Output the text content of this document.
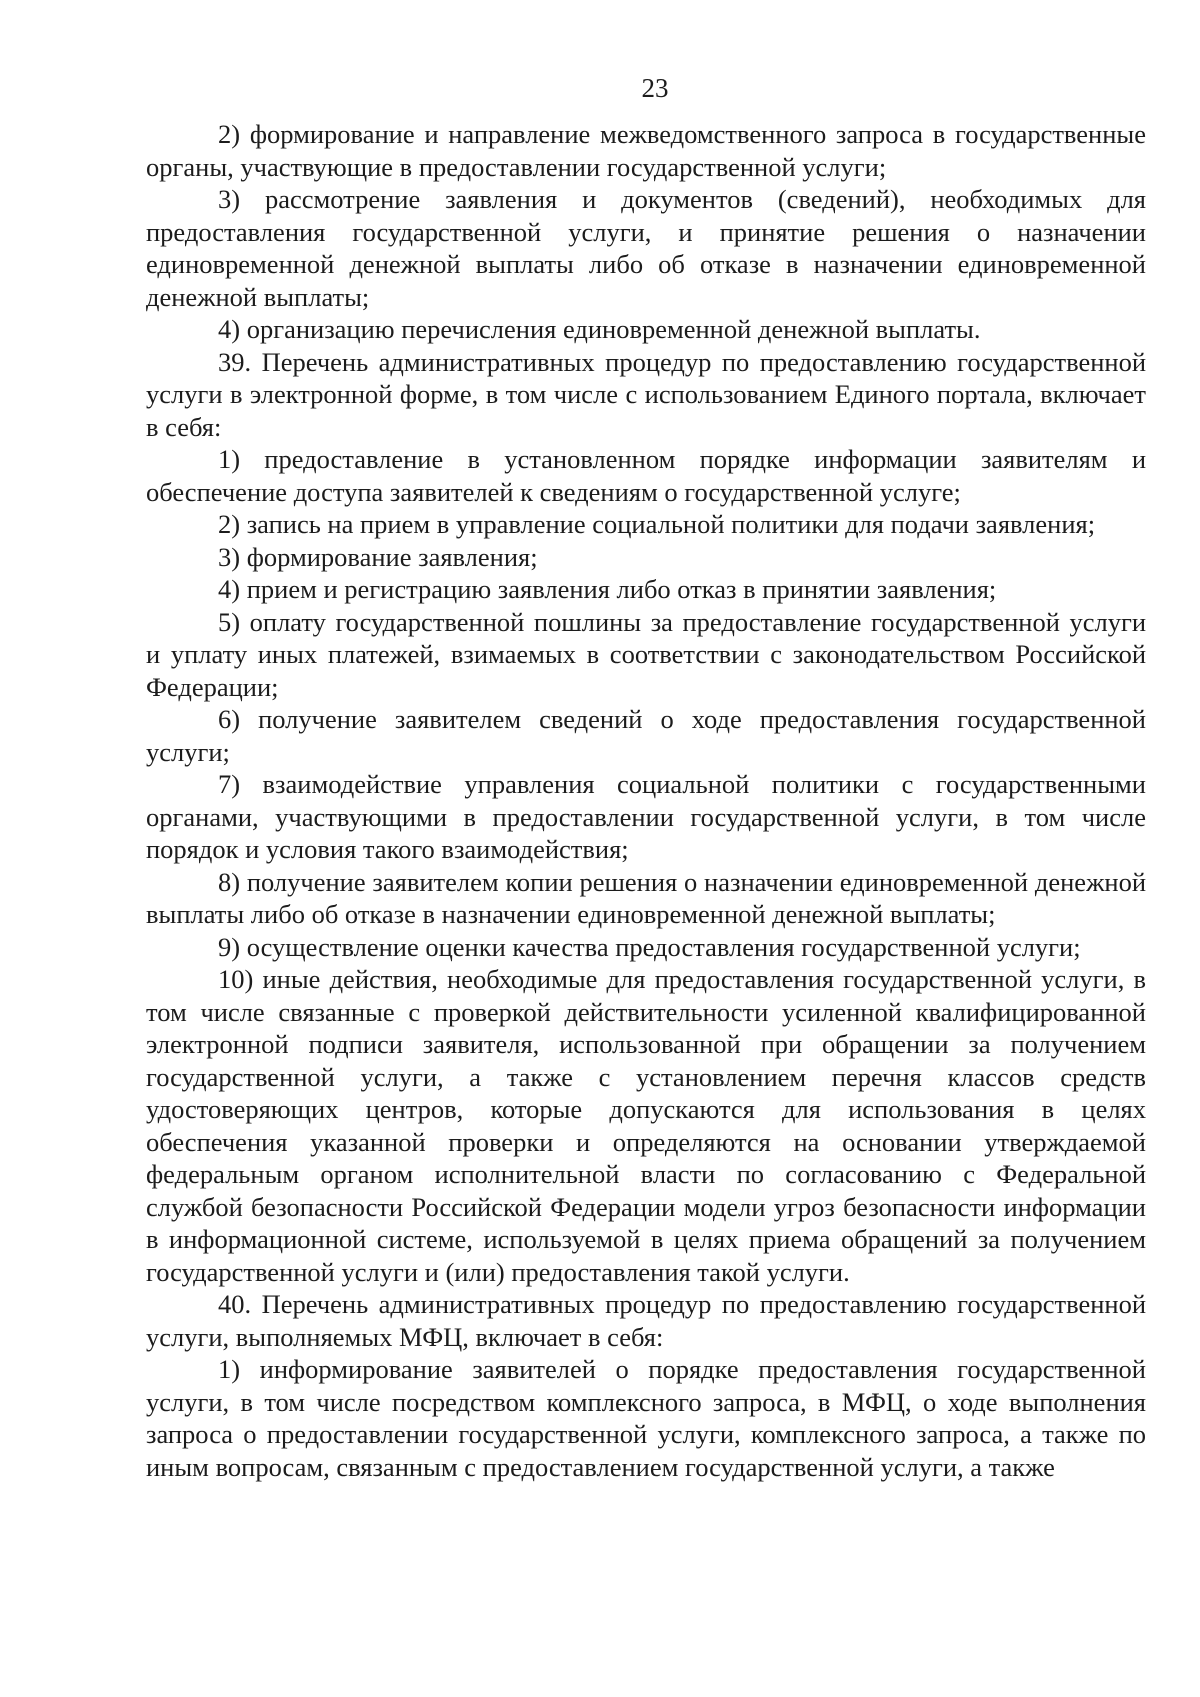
23

2) формирование и направление межведомственного запроса в государственные органы, участвующие в предоставлении государственной услуги;

3) рассмотрение заявления и документов (сведений), необходимых для предоставления государственной услуги, и принятие решения о назначении единовременной денежной выплаты либо об отказе в назначении единовременной денежной выплаты;

4) организацию перечисления единовременной денежной выплаты.

39. Перечень административных процедур по предоставлению государственной услуги в электронной форме, в том числе с использованием Единого портала, включает в себя:

1) предоставление в установленном порядке информации заявителям и обеспечение доступа заявителей к сведениям о государственной услуге;

2) запись на прием в управление социальной политики для подачи заявления;

3) формирование заявления;

4) прием и регистрацию заявления либо отказ в принятии заявления;

5) оплату государственной пошлины за предоставление государственной услуги и уплату иных платежей, взимаемых в соответствии с законодательством Российской Федерации;

6) получение заявителем сведений о ходе предоставления государственной услуги;

7) взаимодействие управления социальной политики с государственными органами, участвующими в предоставлении государственной услуги, в том числе порядок и условия такого взаимодействия;

8) получение заявителем копии решения о назначении единовременной денежной выплаты либо об отказе в назначении единовременной денежной выплаты;

9) осуществление оценки качества предоставления государственной услуги;

10) иные действия, необходимые для предоставления государственной услуги, в том числе связанные с проверкой действительности усиленной квалифицированной электронной подписи заявителя, использованной при обращении за получением государственной услуги, а также с установлением перечня классов средств удостоверяющих центров, которые допускаются для использования в целях обеспечения указанной проверки и определяются на основании утверждаемой федеральным органом исполнительной власти по согласованию с Федеральной службой безопасности Российской Федерации модели угроз безопасности информации в информационной системе, используемой в целях приема обращений за получением государственной услуги и (или) предоставления такой услуги.

40. Перечень административных процедур по предоставлению государственной услуги, выполняемых МФЦ, включает в себя:

1) информирование заявителей о порядке предоставления государственной услуги, в том числе посредством комплексного запроса, в МФЦ, о ходе выполнения запроса о предоставлении государственной услуги, комплексного запроса, а также по иным вопросам, связанным с предоставлением государственной услуги, а также
